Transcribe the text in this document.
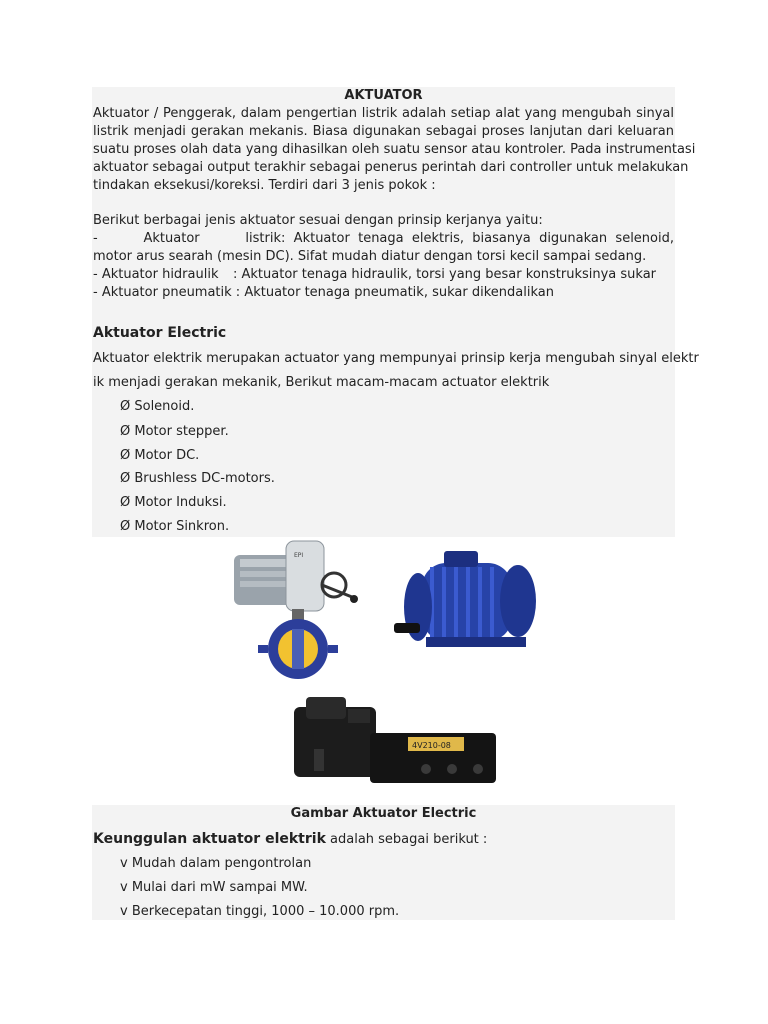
AKTUATOR
Aktuator / Penggerak, dalam pengertian listrik adalah setiap alat yang mengubah sinyal
listrik menjadi gerakan mekanis. Biasa digunakan sebagai proses lanjutan dari keluaran
suatu proses olah data yang dihasilkan oleh suatu sensor atau kontroler. Pada instrumentasi
aktuator sebagai output terakhir sebagai penerus perintah dari controller untuk melakukan
tindakan eksekusi/koreksi. Terdiri dari 3 jenis pokok :
Berikut berbagai jenis aktuator sesuai dengan prinsip kerjanya yaitu:
- Aktuator listrik: Aktuator tenaga elektris, biasanya digunakan selenoid,
motor arus searah (mesin DC). Sifat mudah diatur dengan torsi kecil sampai sedang.
- Aktuator hidraulik : Aktuator tenaga hidraulik, torsi yang besar konstruksinya sukar
- Aktuator pneumatik : Aktuator tenaga pneumatik, sukar dikendalikan
Aktuator Electric
Aktuator elektrik merupakan actuator yang mempunyai prinsip kerja mengubah sinyal elektr
ik menjadi gerakan mekanik, Berikut macam-macam actuator elektrik
Ø Solenoid.
Ø Motor stepper.
Ø Motor DC.
Ø Brushless DC-motors.
Ø Motor Induksi.
Ø Motor Sinkron.
EPI
4V210-08
Gambar Aktuator Electric
Keunggulan aktuator elektrik adalah sebagai berikut :
v Mudah dalam pengontrolan
v Mulai dari mW sampai MW.
v Berkecepatan tinggi, 1000 – 10.000 rpm.
